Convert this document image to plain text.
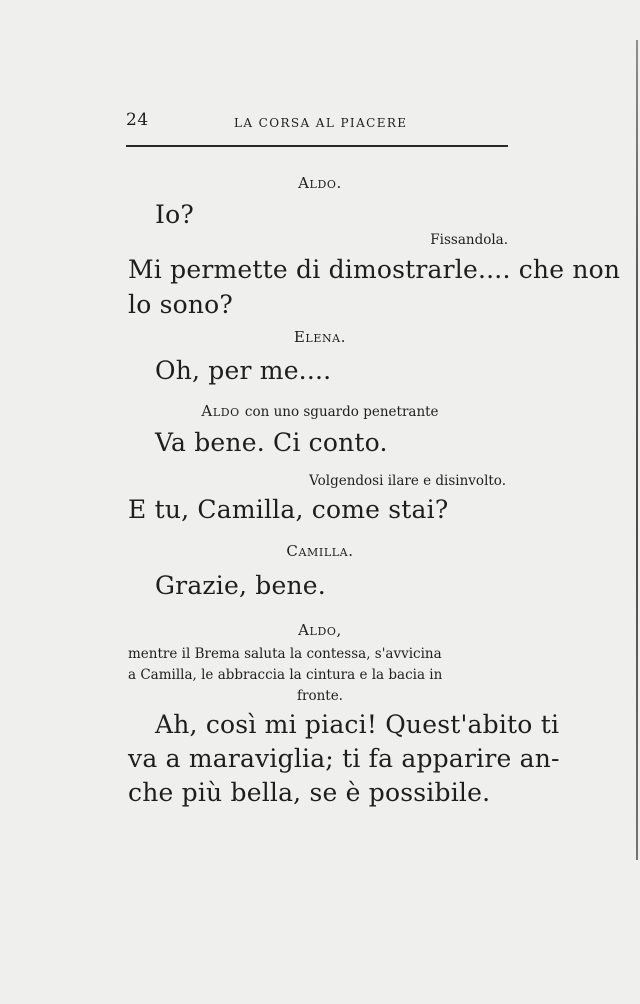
24	LA CORSA AL PIACERE
Aldo.
Io?
Fissandola.
Mi permette di dimostrarle.... che non
lo sono?
Elena.
Oh, per me....
Aldo con uno sguardo penetrante
Va bene. Ci conto.
Volgendosi ilare e disinvolto.
E tu, Camilla, come stai?
Camilla.
Grazie, bene.
Aldo,
mentre il Brema saluta la contessa, s'avvicina
a Camilla, le abbraccia la cintura e la bacia in
fronte.
Ah, così mi piaci! Quest'abito ti
va a maraviglia; ti fa apparire an-
che più bella, se è possibile.
